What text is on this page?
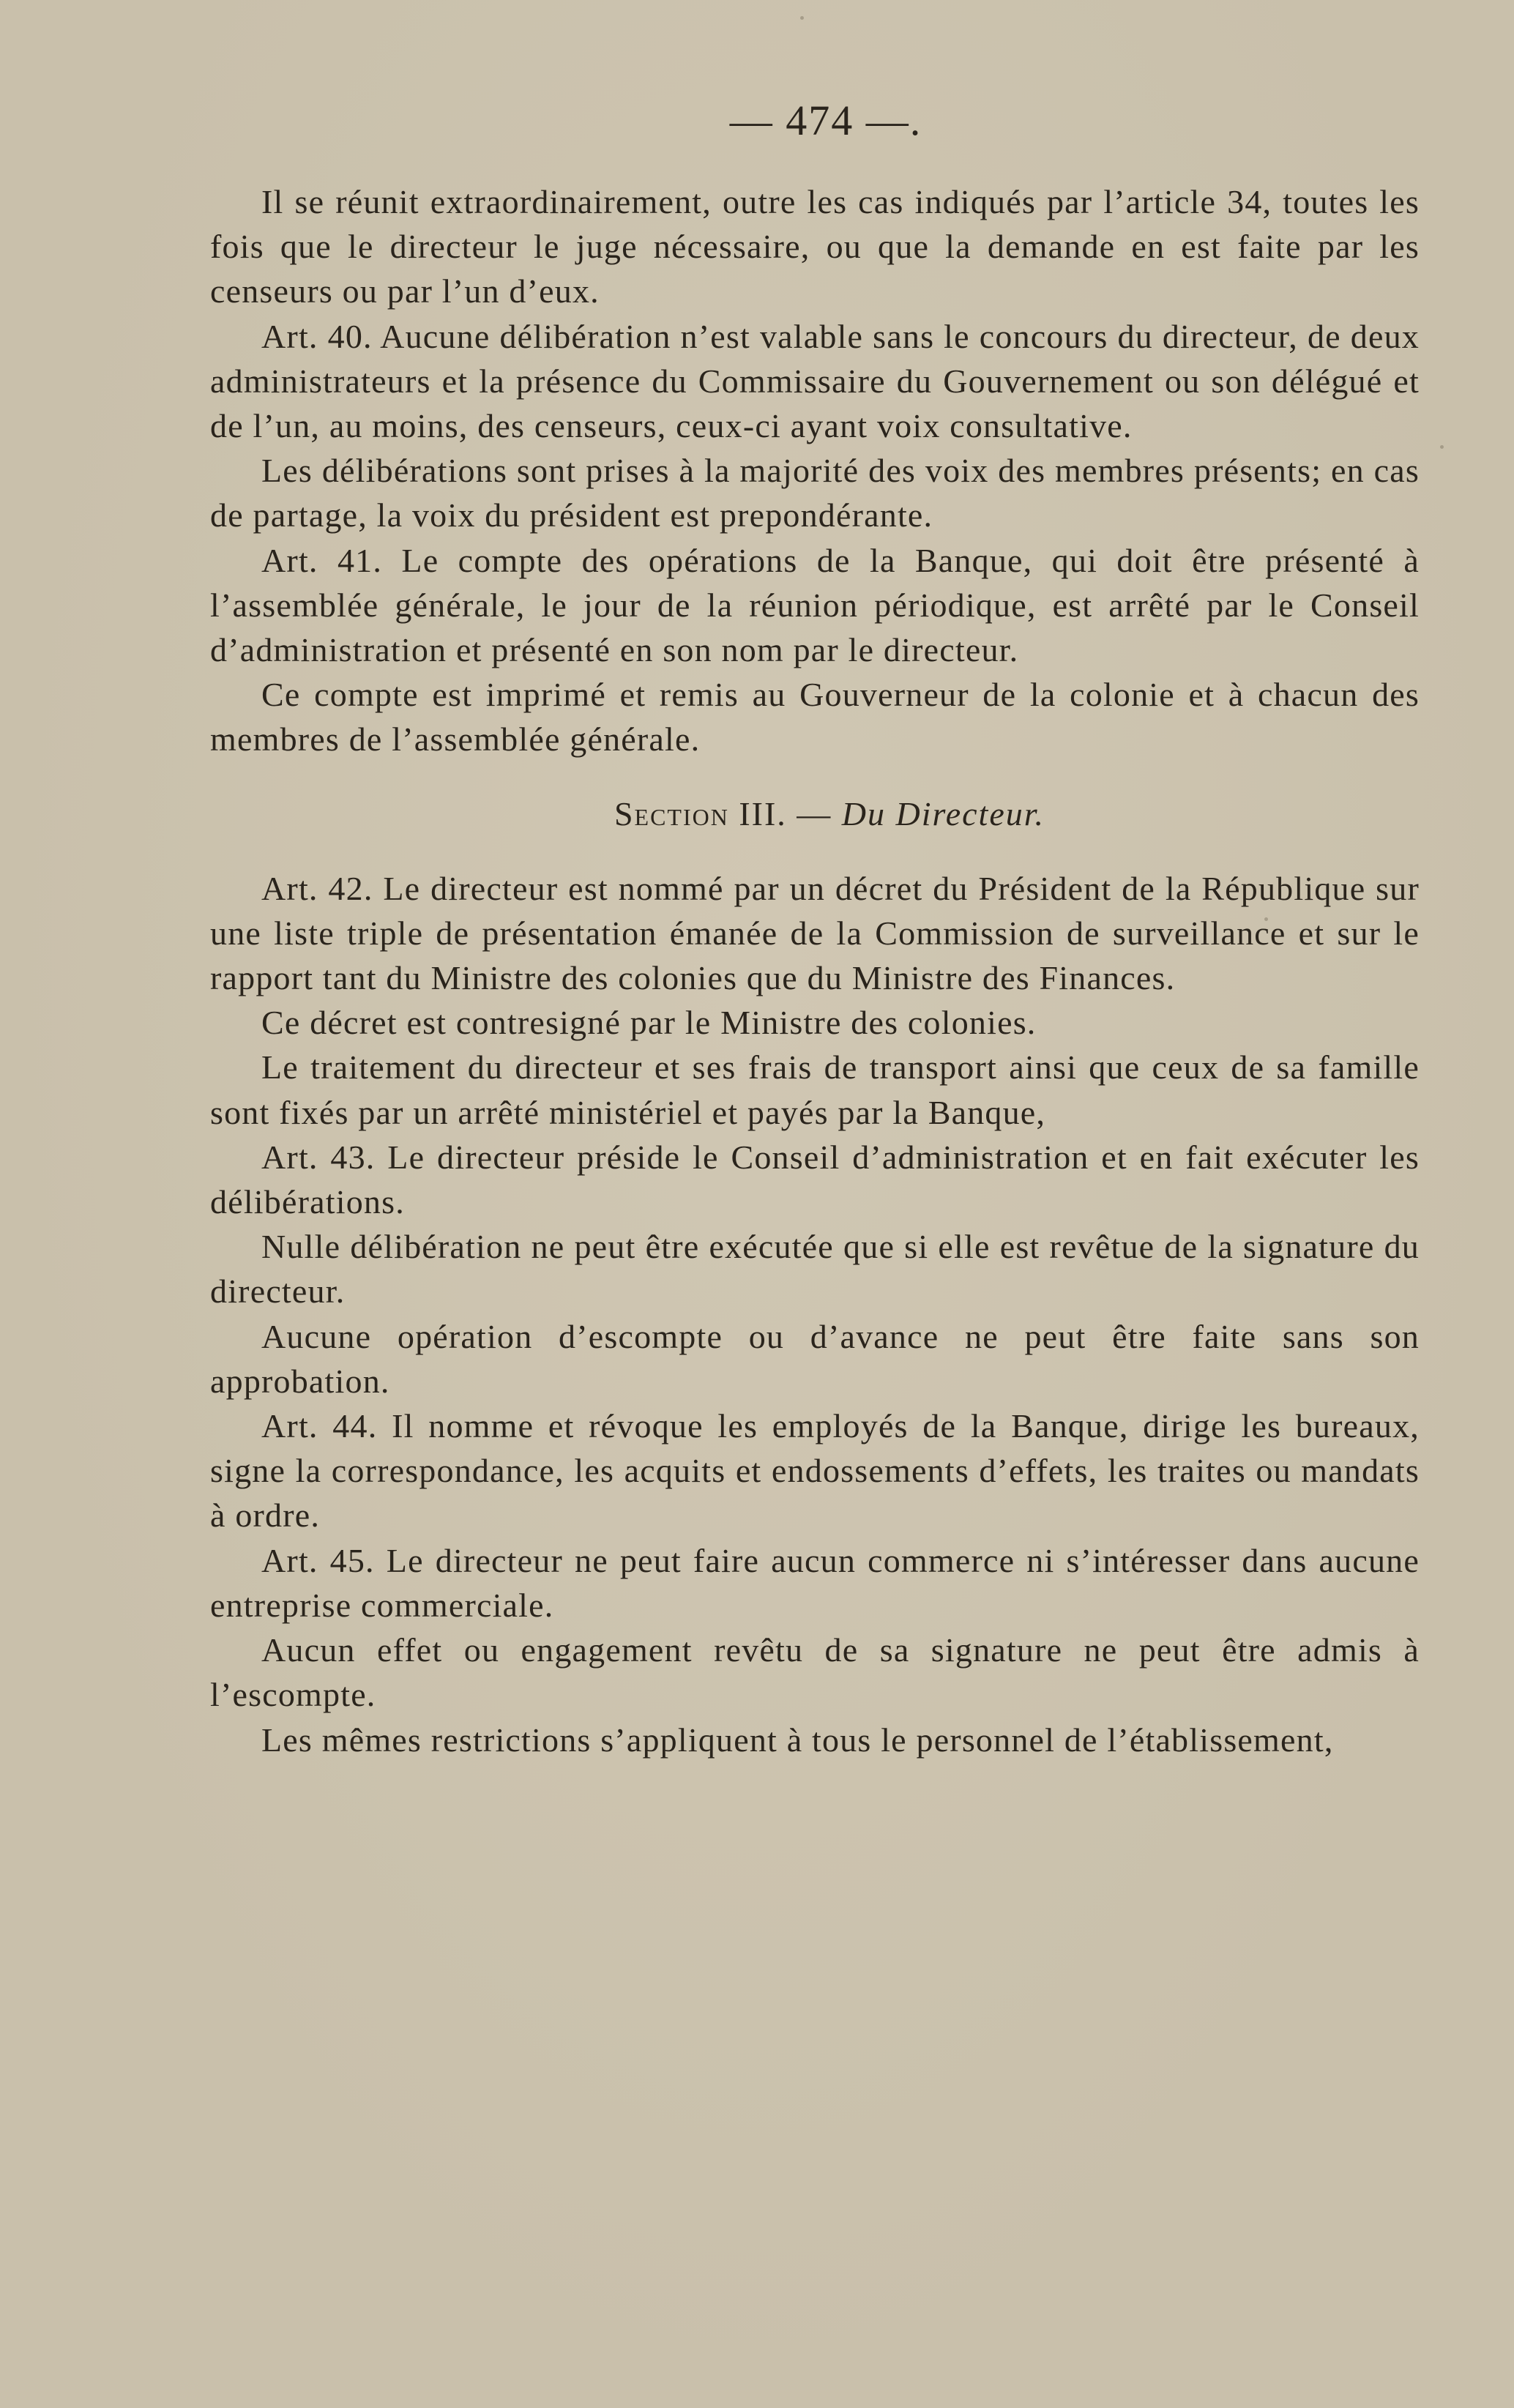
— 474 —.

Il se réunit extraordinairement, outre les cas indiqués par l’article 34, toutes les fois que le directeur le juge nécessaire, ou que la demande en est faite par les censeurs ou par l’un d’eux.

Art. 40. Aucune délibération n’est valable sans le concours du directeur, de deux administrateurs et la présence du Commissaire du Gouvernement ou son délégué et de l’un, au moins, des censeurs, ceux-ci ayant voix consultative.

Les délibérations sont prises à la majorité des voix des membres présents; en cas de partage, la voix du président est prepondérante.

Art. 41. Le compte des opérations de la Banque, qui doit être présenté à l’assemblée générale, le jour de la réunion périodique, est arrêté par le Conseil d’administration et présenté en son nom par le directeur.

Ce compte est imprimé et remis au Gouverneur de la colonie et à chacun des membres de l’assemblée générale.

Section III. — Du Directeur.

Art. 42. Le directeur est nommé par un décret du Président de la République sur une liste triple de présentation émanée de la Commission de surveillance et sur le rapport tant du Ministre des colonies que du Ministre des Finances.

Ce décret est contresigné par le Ministre des colonies.

Le traitement du directeur et ses frais de transport ainsi que ceux de sa famille sont fixés par un arrêté ministériel et payés par la Banque,

Art. 43. Le directeur préside le Conseil d’administration et en fait exécuter les délibérations.

Nulle délibération ne peut être exécutée que si elle est revêtue de la signature du directeur.

Aucune opération d’escompte ou d’avance ne peut être faite sans son approbation.

Art. 44. Il nomme et révoque les employés de la Banque, dirige les bureaux, signe la correspondance, les acquits et endossements d’effets, les traites ou mandats à ordre.

Art. 45. Le directeur ne peut faire aucun commerce ni s’intéresser dans aucune entreprise commerciale.

Aucun effet ou engagement revêtu de sa signature ne peut être admis à l’escompte.

Les mêmes restrictions s’appliquent à tous le personnel de l’établissement,
